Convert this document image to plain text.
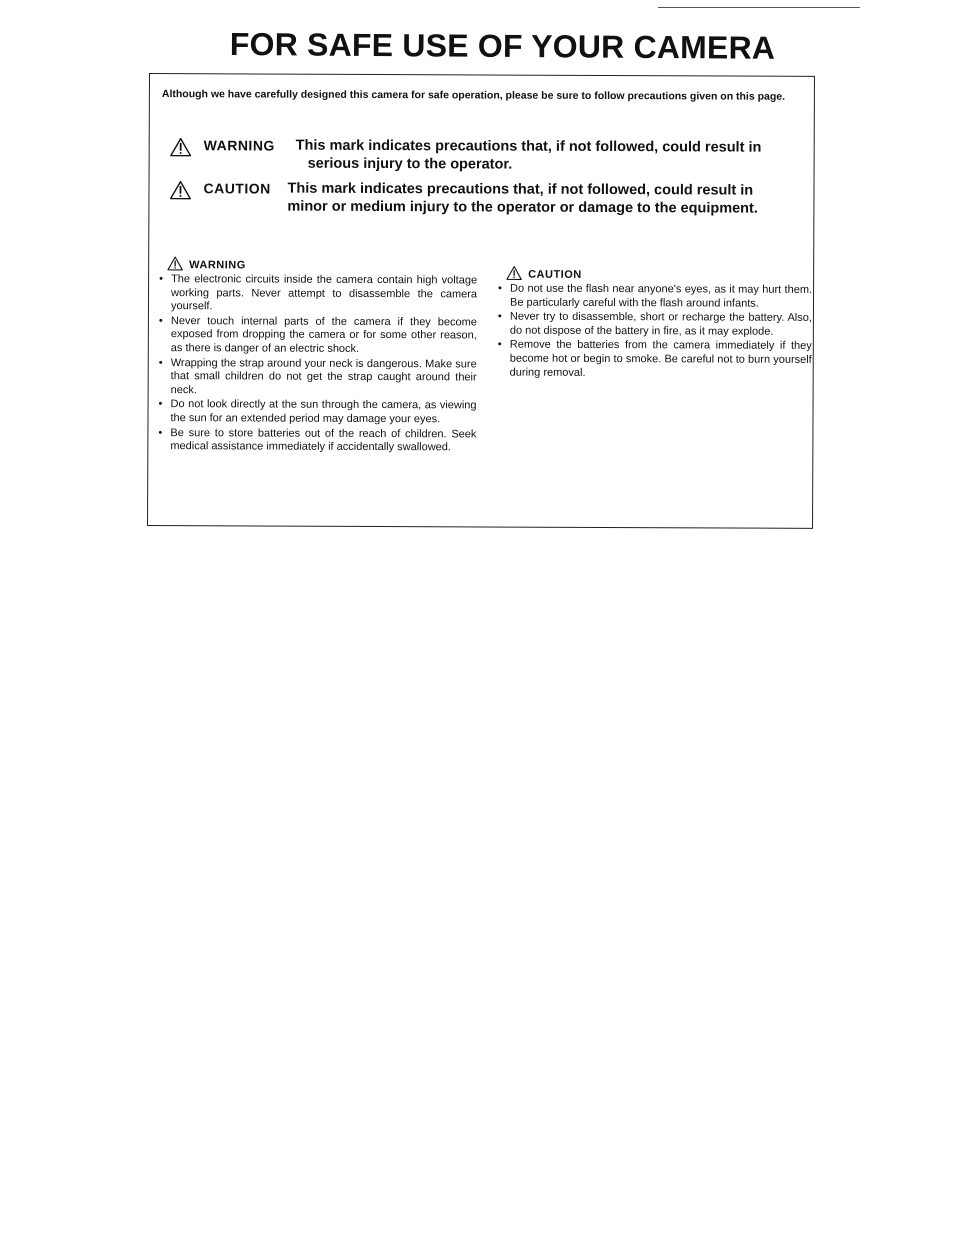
FOR SAFE USE OF YOUR CAMERA

Although we have carefully designed this camera for safe operation, please be sure to follow precautions given on this page.

WARNING This mark indicates precautions that, if not followed, could result in
serious injury to the operator.

CAUTION This mark indicates precautions that, if not followed, could result in
minor or medium injury to the operator or damage to the equipment.

WARNING
• The electronic circuits inside the camera contain high voltage working parts. Never attempt to disassemble the camera yourself.
• Never touch internal parts of the camera if they become exposed from dropping the camera or for some other reason, as there is danger of an electric shock.
• Wrapping the strap around your neck is dangerous. Make sure that small children do not get the strap caught around their neck.
• Do not look directly at the sun through the camera, as viewing the sun for an extended period may damage your eyes.
• Be sure to store batteries out of the reach of children. Seek medical assistance immediately if accidentally swallowed.
CAUTION
• Do not use the flash near anyone's eyes, as it may hurt them. Be particularly careful with the flash around infants.
• Never try to disassemble, short or recharge the battery. Also, do not dispose of the battery in fire, as it may explode.
• Remove the batteries from the camera immediately if they become hot or begin to smoke. Be careful not to burn yourself during removal.
